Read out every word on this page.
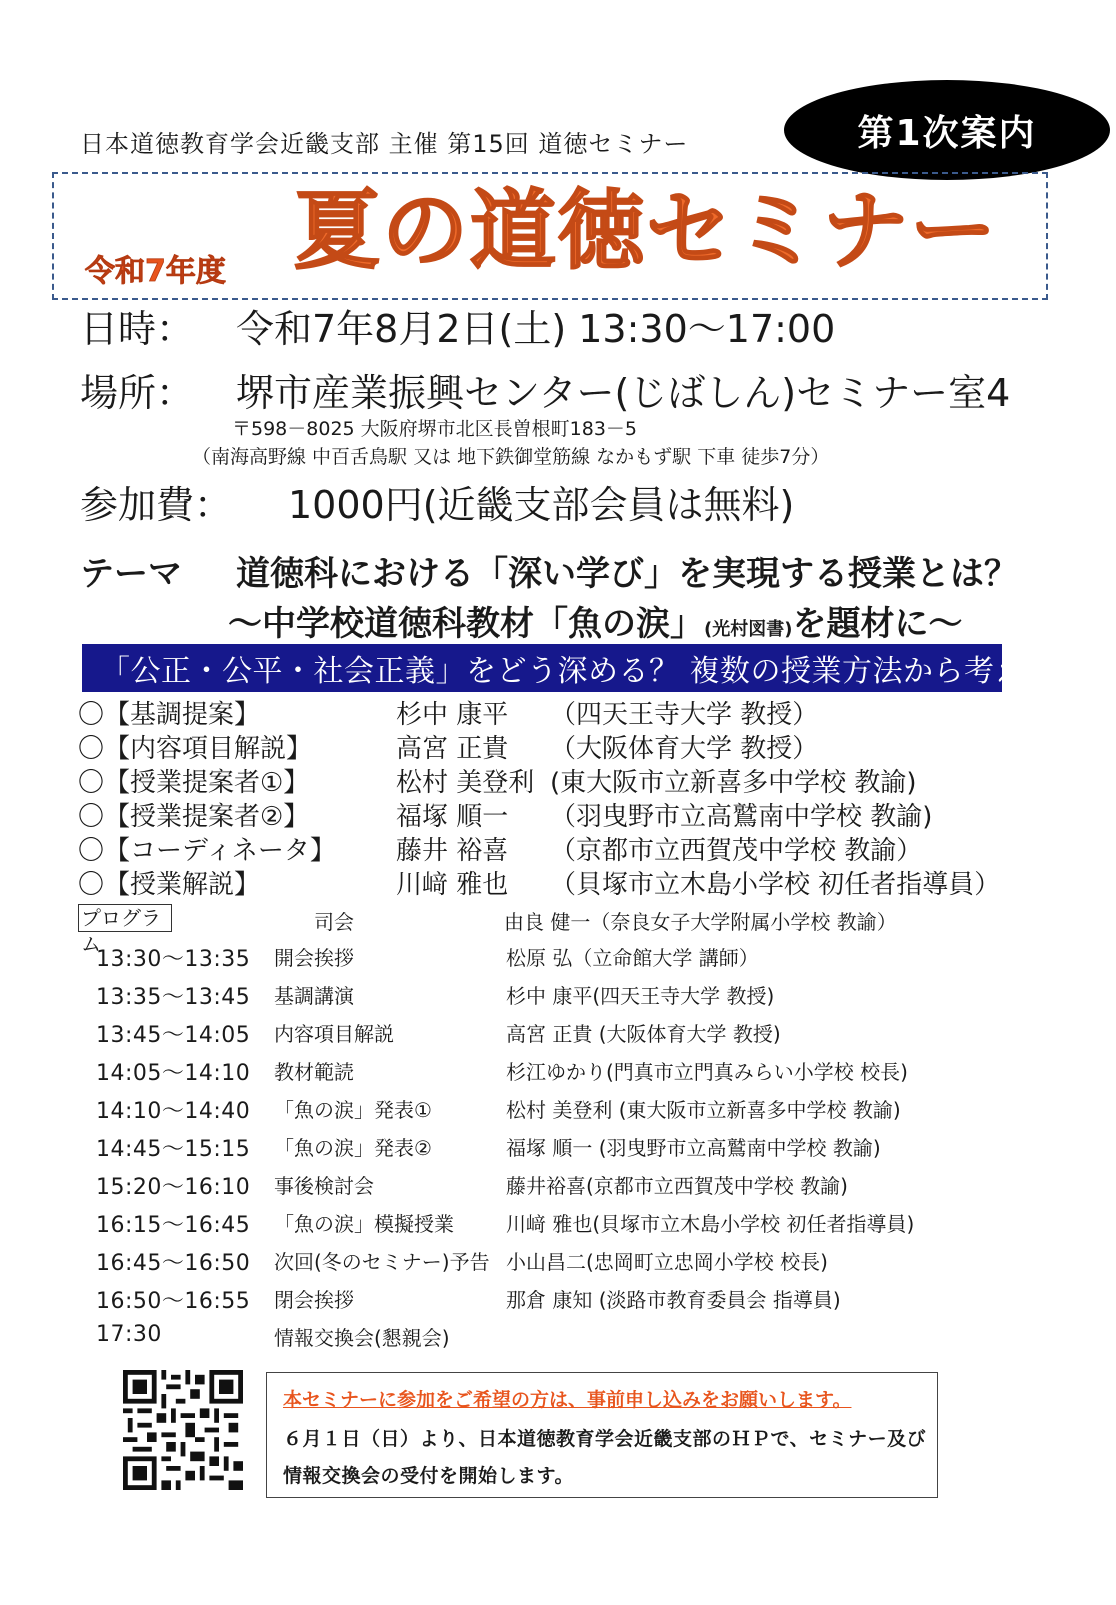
日本道徳教育学会近畿支部 主催 第15回 道徳セミナー	第1次案内
令和7年度 夏の道徳セミナー
日時： 令和7年8月2日(土) 13:30～17:00
場所： 堺市産業振興センター(じばしん)セミナー室4
〒598－8025 大阪府堺市北区長曽根町183－5
（南海高野線 中百舌鳥駅 又は 地下鉄御堂筋線 なかもず駅 下車 徒歩7分）
参加費： 1000円(近畿支部会員は無料)
テーマ 道徳科における「深い学び」を実現する授業とは？
～中学校道徳科教材「魚の涙」(光村図書)を題材に～
「公正・公平・社会正義」をどう深める？ 複数の授業方法から考える
〇【基調提案】	杉中 康平 （四天王寺大学 教授）
〇【内容項目解説】	高宮 正貴 （大阪体育大学 教授）
〇【授業提案者①】	松村 美登利 (東大阪市立新喜多中学校 教諭)
〇【授業提案者②】	福塚 順一 （羽曳野市立高鷲南中学校 教諭)
〇【コーディネータ】 藤井 裕喜 （京都市立西賀茂中学校 教諭）
〇【授業解説】	川﨑 雅也 （貝塚市立木島小学校 初任者指導員）
プログラム
司会	由良 健一（奈良女子大学附属小学校 教諭）
13:30～13:35 開会挨拶	松原 弘（立命館大学 講師）
13:35～13:45 基調講演	杉中 康平(四天王寺大学 教授)
13:45～14:05 内容項目解説	高宮 正貴 (大阪体育大学 教授)
14:05～14:10 教材範読	杉江ゆかり(門真市立門真みらい小学校 校長)
14:10～14:40 「魚の涙」発表①	松村 美登利 (東大阪市立新喜多中学校 教諭)
14:45～15:15 「魚の涙」発表②	福塚 順一 (羽曳野市立高鷲南中学校 教諭)
15:20～16:10 事後検討会	藤井裕喜(京都市立西賀茂中学校 教諭)
16:15～16:45 「魚の涙」模擬授業	川﨑 雅也(貝塚市立木島小学校 初任者指導員)
16:45～16:50 次回(冬のセミナー)予告 小山昌二(忠岡町立忠岡小学校 校長)
16:50～16:55 閉会挨拶	那倉 康知 (淡路市教育委員会 指導員)
17:30	情報交換会(懇親会)
本セミナーに参加をご希望の方は、事前申し込みをお願いします。
６月１日（日）より、日本道徳教育学会近畿支部のＨＰで、セミナー及び
情報交換会の受付を開始します。
